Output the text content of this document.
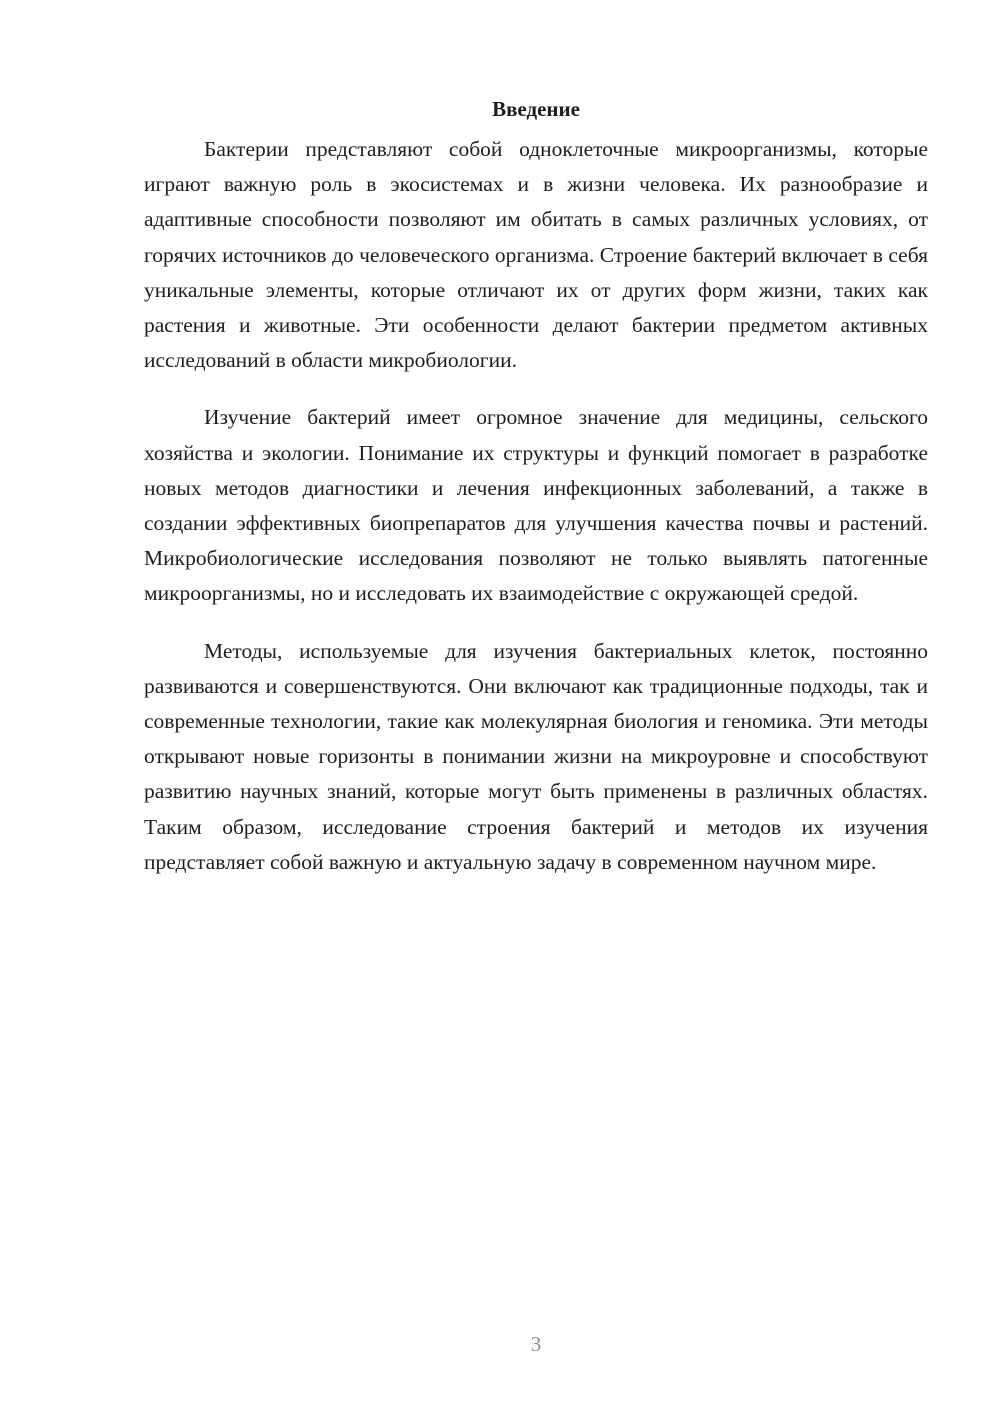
Введение

Бактерии представляют собой одноклеточные микроорганизмы, которые играют важную роль в экосистемах и в жизни человека. Их разнообразие и адаптивные способности позволяют им обитать в самых различных условиях, от горячих источников до человеческого организма. Строение бактерий включает в себя уникальные элементы, которые отличают их от других форм жизни, таких как растения и животные. Эти особенности делают бактерии предметом активных исследований в области микробиологии.

Изучение бактерий имеет огромное значение для медицины, сельского хозяйства и экологии. Понимание их структуры и функций помогает в разработке новых методов диагностики и лечения инфекционных заболеваний, а также в создании эффективных биопрепаратов для улучшения качества почвы и растений. Микробиологические исследования позволяют не только выявлять патогенные микроорганизмы, но и исследовать их взаимодействие с окружающей средой.

Методы, используемые для изучения бактериальных клеток, постоянно развиваются и совершенствуются. Они включают как традиционные подходы, так и современные технологии, такие как молекулярная биология и геномика. Эти методы открывают новые горизонты в понимании жизни на микроуровне и способствуют развитию научных знаний, которые могут быть применены в различных областях. Таким образом, исследование строения бактерий и методов их изучения представляет собой важную и актуальную задачу в современном научном мире.

3
